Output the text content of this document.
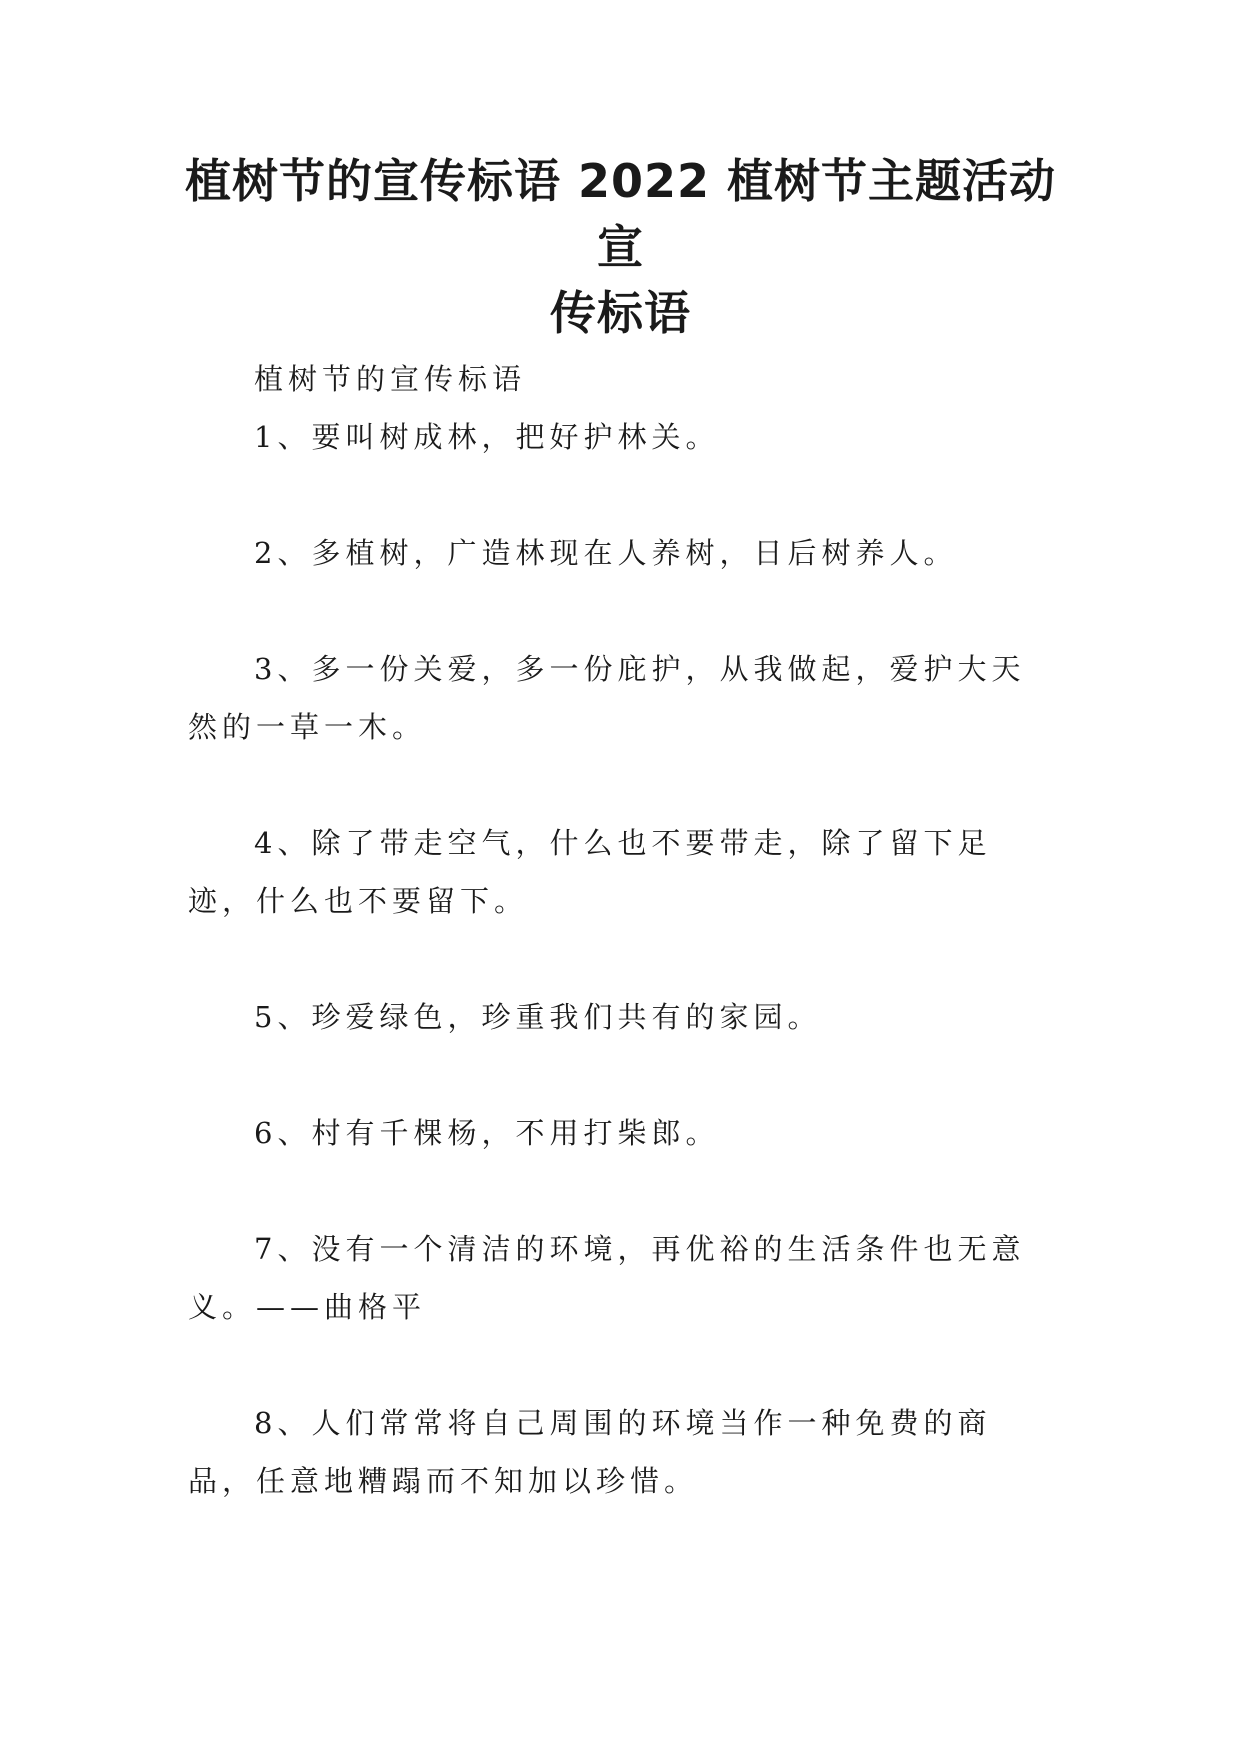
植树节的宣传标语 2022 植树节主题活动宣
传标语

植树节的宣传标语

1、要叫树成林，把好护林关。

2、多植树，广造林现在人养树，日后树养人。

3、多一份关爱，多一份庇护，从我做起，爱护大天然的一草一木。

4、除了带走空气，什么也不要带走，除了留下足迹，什么也不要留下。

5、珍爱绿色，珍重我们共有的家园。

6、村有千棵杨，不用打柴郎。

7、没有一个清洁的环境，再优裕的生活条件也无意义。——曲格平

8、人们常常将自己周围的环境当作一种免费的商品，任意地糟蹋而不知加以珍惜。
